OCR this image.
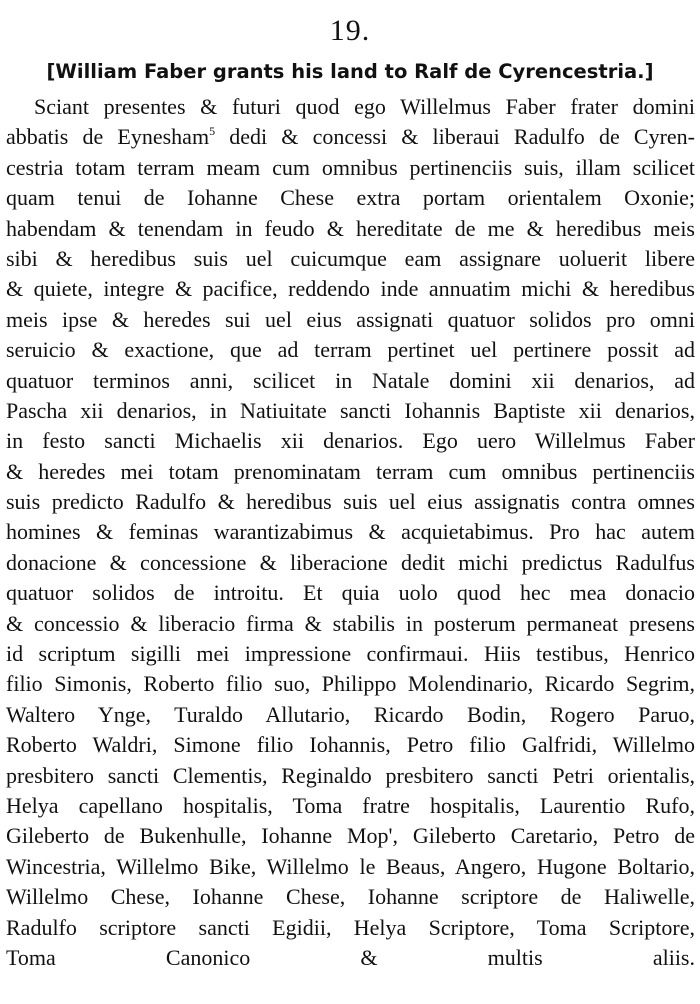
19.
[William Faber grants his land to Ralf de Cyrencestria.]
Sciant presentes & futuri quod ego Willelmus Faber frater domini
abbatis de Eynesham$^5$ dedi & concessi & liberaui Radulfo de Cyren-
cestria totam terram meam cum omnibus pertinenciis suis, illam scilicet
quam tenui de Iohanne Chese extra portam orientalem Oxonie;
habendam & tenendam in feudo & hereditate de me & heredibus meis
sibi & heredibus suis uel cuicumque eam assignare uoluerit libere
& quiete, integre & pacifice, reddendo inde annuatim michi & heredibus
meis ipse & heredes sui uel eius assignati quatuor solidos pro omni
seruicio & exactione, que ad terram pertinet uel pertinere possit ad
quatuor terminos anni, scilicet in Natale domini xii denarios, ad
Pascha xii denarios, in Natiuitate sancti Iohannis Baptiste xii denarios,
in festo sancti Michaelis xii denarios. Ego uero Willelmus Faber
& heredes mei totam prenominatam terram cum omnibus pertinenciis
suis predicto Radulfo & heredibus suis uel eius assignatis contra omnes
homines & feminas warantizabimus & acquietabimus. Pro hac autem
donacione & concessione & liberacione dedit michi predictus Radulfus
quatuor solidos de introitu. Et quia uolo quod hec mea donacio
& concessio & liberacio firma & stabilis in posterum permaneat presens
id scriptum sigilli mei impressione confirmaui. Hiis testibus, Henrico
filio Simonis, Roberto filio suo, Philippo Molendinario, Ricardo Segrim,
Waltero Ynge, Turaldo Allutario, Ricardo Bodin, Rogero Paruo,
Roberto Waldri, Simone filio Iohannis, Petro filio Galfridi, Willelmo
presbitero sancti Clementis, Reginaldo presbitero sancti Petri orientalis,
Helya capellano hospitalis, Toma fratre hospitalis, Laurentio Rufo,
Gileberto de Bukenhulle, Iohanne Mop', Gileberto Caretario, Petro de
Wincestria, Willelmo Bike, Willelmo le Beaus, Angero, Hugone Boltario,
Willelmo Chese, Iohanne Chese, Iohanne scriptore de Haliwelle,
Radulfo scriptore sancti Egidii, Helya Scriptore, Toma Scriptore,
Toma Canonico & multis aliis.
